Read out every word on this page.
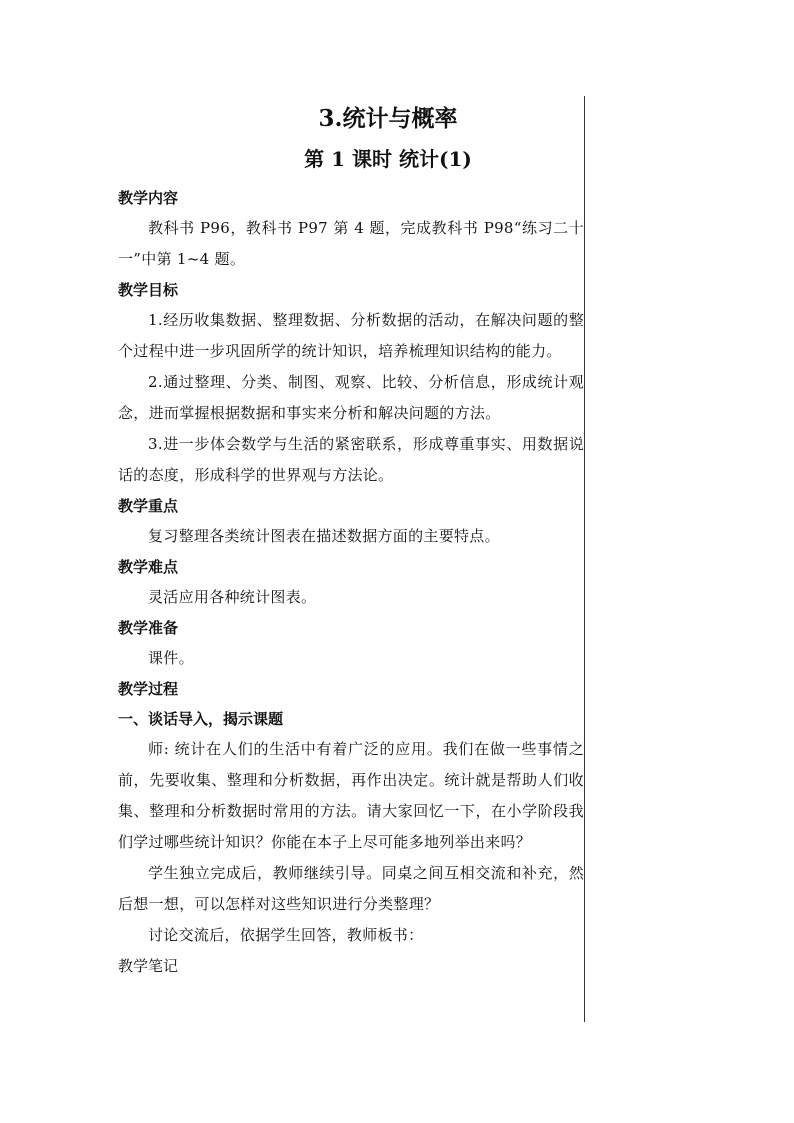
3.统计与概率
第 1 课时 统计(1)
教学内容

教科书 P96，教科书 P97 第 4 题，完成教科书 P98“练习二十一”中第 1~4 题。

教学目标

1.经历收集数据、整理数据、分析数据的活动，在解决问题的整个过程中进一步巩固所学的统计知识，培养梳理知识结构的能力。

2.通过整理、分类、制图、观察、比较、分析信息，形成统计观念，进而掌握根据数据和事实来分析和解决问题的方法。

3.进一步体会数学与生活的紧密联系，形成尊重事实、用数据说话的态度，形成科学的世界观与方法论。

教学重点

复习整理各类统计图表在描述数据方面的主要特点。

教学难点

灵活应用各种统计图表。

教学准备

课件。

教学过程
一、谈话导入，揭示课题

师: 统计在人们的生活中有着广泛的应用。我们在做一些事情之前，先要收集、整理和分析数据，再作出决定。统计就是帮助人们收集、整理和分析数据时常用的方法。请大家回忆一下，在小学阶段我们学过哪些统计知识？你能在本子上尽可能多地列举出来吗？

学生独立完成后，教师继续引导。同桌之间互相交流和补充，然后想一想，可以怎样对这些知识进行分类整理？

讨论交流后，依据学生回答，教师板书：

教学笔记
